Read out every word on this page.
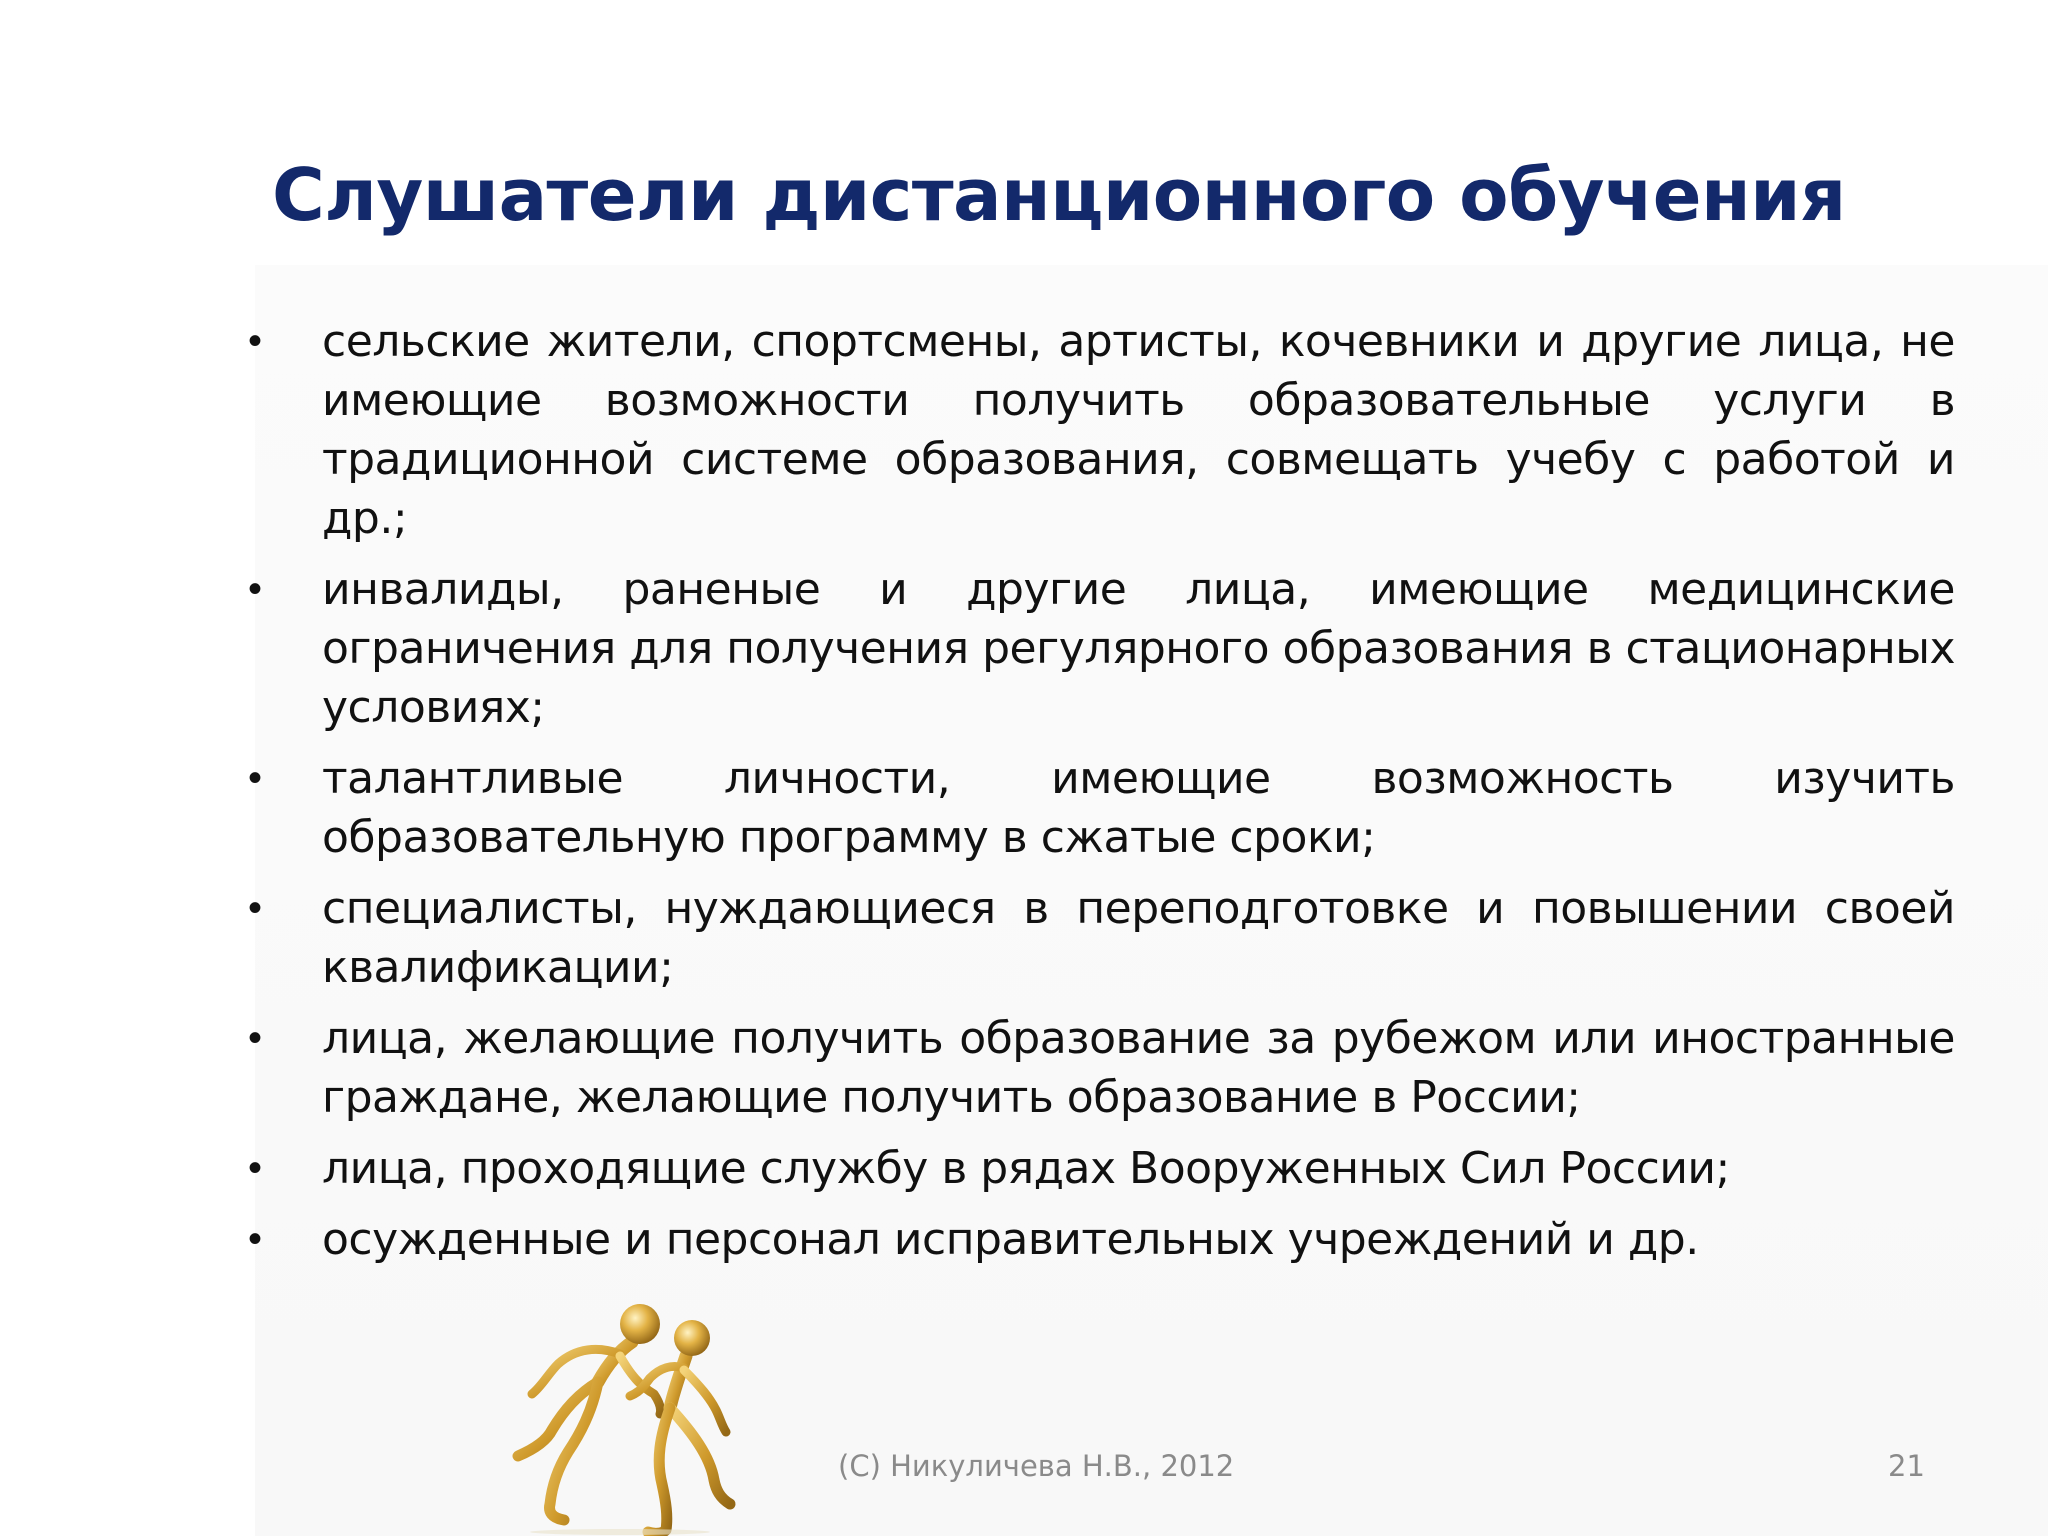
Слушатели дистанционного обучения
• сельские жители, спортсмены, артисты, кочевники и другие лица, не имеющие возможности получить образовательные услуги в традиционной системе образования, совмещать учебу с работой и др.;
• инвалиды, раненые и другие лица, имеющие медицинские ограничения для получения регулярного образования в стационарных условиях;
• талантливые личности, имеющие возможность изучить образовательную программу в сжатые сроки;
• специалисты, нуждающиеся в переподготовке и повышении своей квалификации;
• лица, желающие получить образование за рубежом или иностранные граждане, желающие получить образование в России;
• лица, проходящие службу в рядах Вооруженных Сил России;
• осужденные и персонал исправительных учреждений и др.
(С) Никуличева Н.В., 2012	21
